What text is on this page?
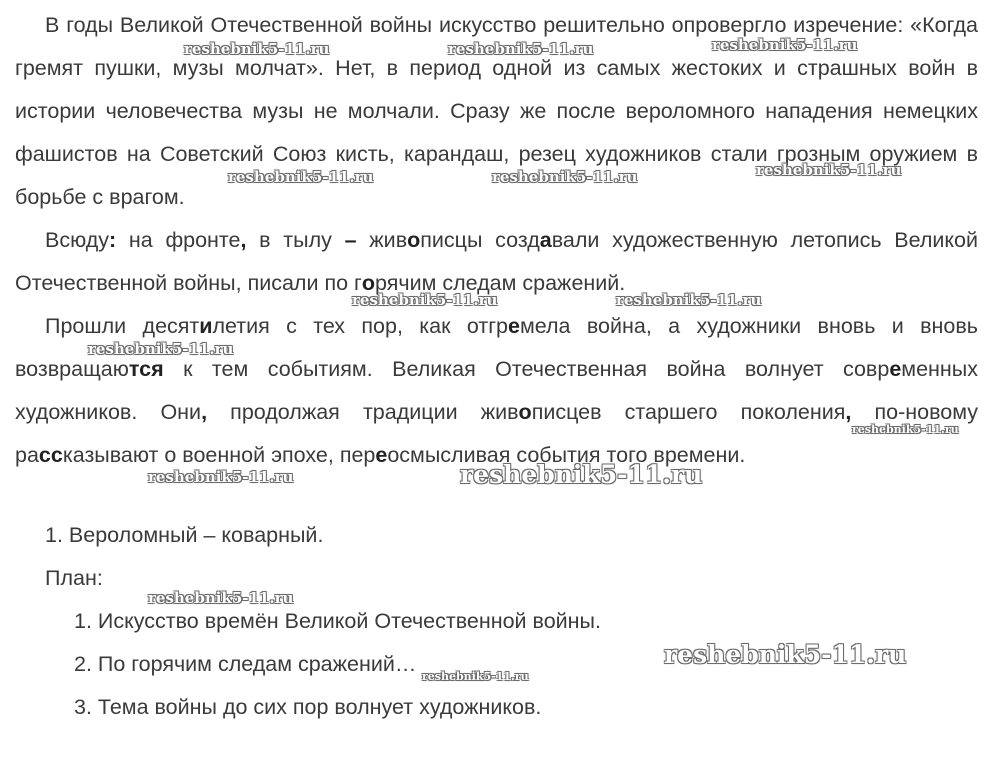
В годы Великой Отечественной войны искусство решительно опровергло изречение: «Когда гремят пушки, музы молчат». Нет, в период одной из самых жестоких и страшных войн в истории человечества музы не молчали. Сразу же после вероломного нападения немецких фашистов на Советский Союз кисть, карандаш, резец художников стали грозным оружием в борьбе с врагом.

Всюду: на фронте, в тылу – живописцы создавали художественную летопись Великой Отечественной войны, писали по горячим следам сражений.

Прошли десятилетия с тех пор, как отгремела война, а художники вновь и вновь возвращаются к тем событиям. Великая Отечественная война волнует современных художников. Они, продолжая традиции живописцев старшего поколения, по-новому рассказывают о военной эпохе, переосмысливая события того времени.

1. Вероломный – коварный.

План:

1. Искусство времён Великой Отечественной войны.
2. По горячим следам сражений…
3. Тема войны до сих пор волнует художников.
reshebnik5-11.ru	reshebnik5-11.ru	reshebnik5-11.ru
reshebnik5-11.ru	reshebnik5-11.ru	reshebnik5-11.ru
reshebnik5-11.ru	reshebnik5-11.ru
reshebnik5-11.ru
reshebnik5-11.ru
reshebnik5-11.ru	reshebnik5-11.ru
reshebnik5-11.ru
reshebnik5-11.ru
reshebnik5-11.ru
